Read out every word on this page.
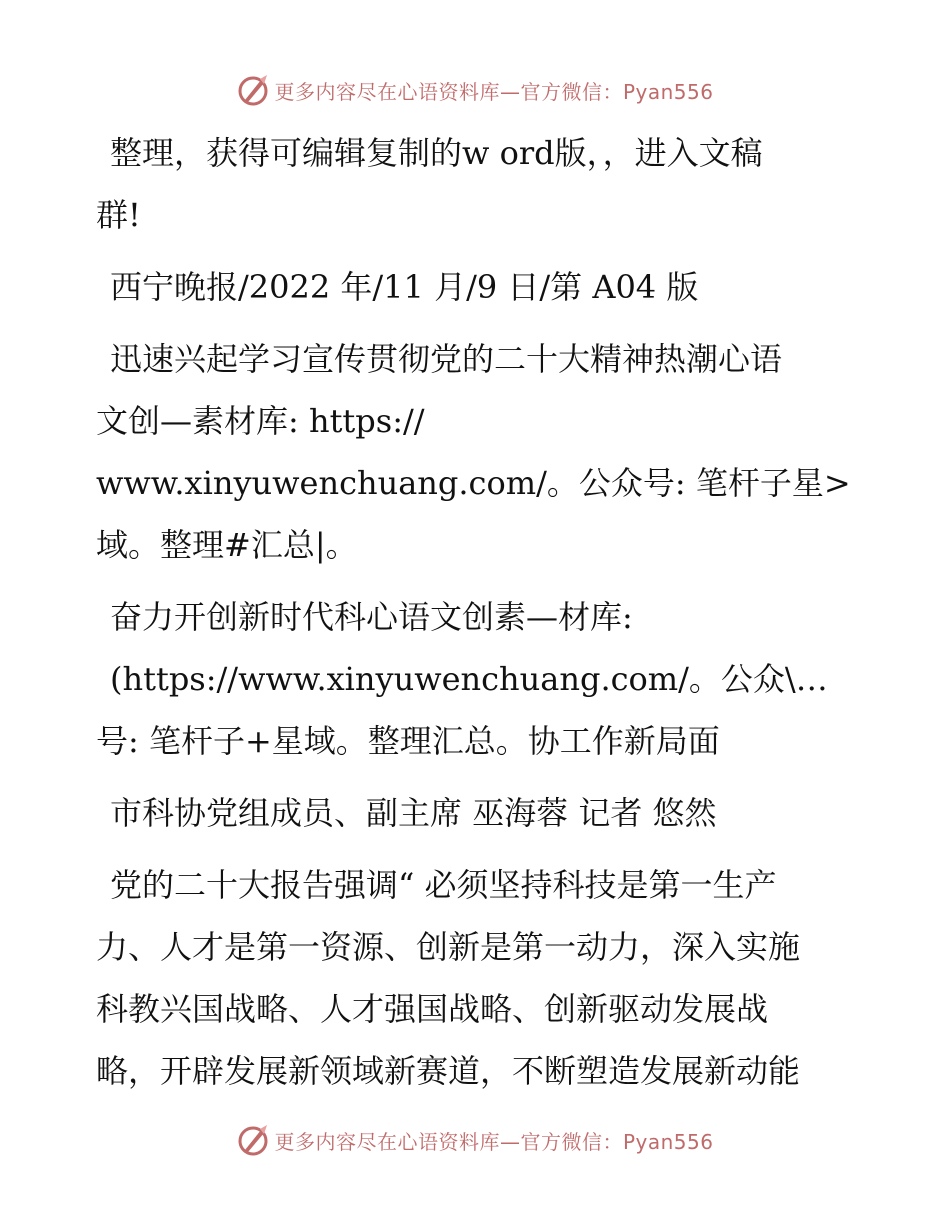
更多内容尽在心语资料库—官方微信：Pyan556
整理，获得可编辑复制的w ord版，，进入文稿
群!
西宁晚报/2022 年/11 月/9 日/第 A04 版
迅速兴起学习宣传贯彻党的二十大精神热潮心语
文创—素材库: https://
www.xinyuwenchuang.com/。公众号: 笔杆子星>
域。整理#汇总|。
奋力开创新时代科心语文创素—材库:
(https://www.xinyuwenchuang.com/。公众\…
号: 笔杆子+星域。整理汇总。协工作新局面
市科协党组成员、副主席 巫海蓉 记者 悠然
党的二十大报告强调“ 必须坚持科技是第一生产
力、人才是第一资源、创新是第一动力，深入实施
科教兴国战略、人才强国战略、创新驱动发展战
略，开辟发展新领域新赛道，不断塑造发展新动能
更多内容尽在心语资料库—官方微信：Pyan556
